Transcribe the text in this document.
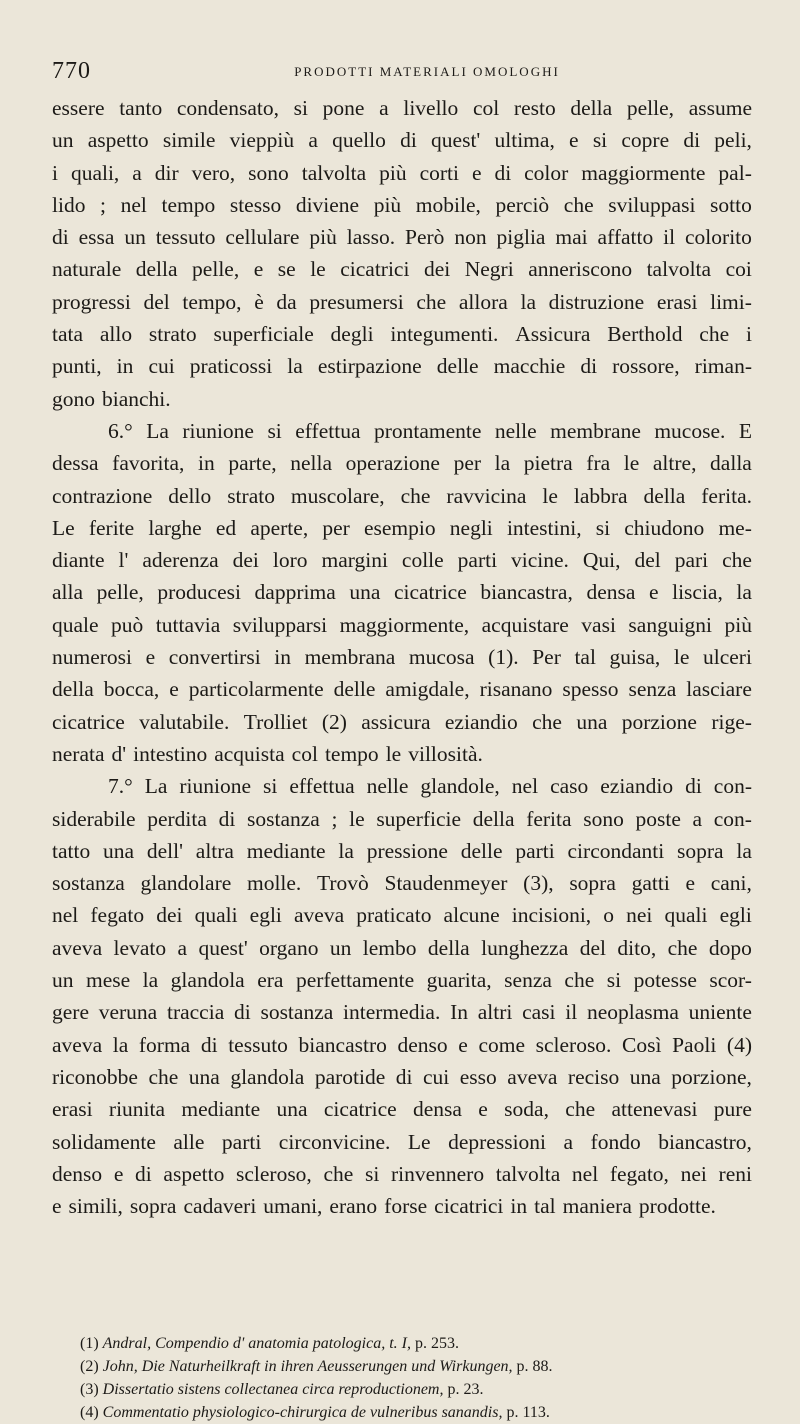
770	PRODOTTI MATERIALI OMOLOGHI
essere tanto condensato, si pone a livello col resto della pelle, assume
un aspetto simile vieppiù a quello di quest' ultima, e si copre di peli,
i quali, a dir vero, sono talvolta più corti e di color maggiormente pal-
lido ; nel tempo stesso diviene più mobile, perciò che sviluppasi sotto
di essa un tessuto cellulare più lasso. Però non piglia mai affatto il colorito
naturale della pelle, e se le cicatrici dei Negri anneriscono talvolta coi
progressi del tempo, è da presumersi che allora la distruzione erasi limi-
tata allo strato superficiale degli integumenti. Assicura Berthold che i
punti, in cui praticossi la estirpazione delle macchie di rossore, riman-
gono bianchi.
6.° La riunione si effettua prontamente nelle membrane mucose. E
dessa favorita, in parte, nella operazione per la pietra fra le altre, dalla
contrazione dello strato muscolare, che ravvicina le labbra della ferita.
Le ferite larghe ed aperte, per esempio negli intestini, si chiudono me-
diante l' aderenza dei loro margini colle parti vicine. Qui, del pari che
alla pelle, producesi dapprima una cicatrice biancastra, densa e liscia, la
quale può tuttavia svilupparsi maggiormente, acquistare vasi sanguigni più
numerosi e convertirsi in membrana mucosa (1). Per tal guisa, le ulceri
della bocca, e particolarmente delle amigdale, risanano spesso senza lasciare
cicatrice valutabile. Trolliet (2) assicura eziandio che una porzione rige-
nerata d' intestino acquista col tempo le villosità.
7.° La riunione si effettua nelle glandole, nel caso eziandio di con-
siderabile perdita di sostanza ; le superficie della ferita sono poste a con-
tatto una dell' altra mediante la pressione delle parti circondanti sopra la
sostanza glandolare molle. Trovò Staudenmeyer (3), sopra gatti e cani,
nel fegato dei quali egli aveva praticato alcune incisioni, o nei quali egli
aveva levato a quest' organo un lembo della lunghezza del dito, che dopo
un mese la glandola era perfettamente guarita, senza che si potesse scor-
gere veruna traccia di sostanza intermedia. In altri casi il neoplasma uniente
aveva la forma di tessuto biancastro denso e come scleroso. Così Paoli (4)
riconobbe che una glandola parotide di cui esso aveva reciso una porzione,
erasi riunita mediante una cicatrice densa e soda, che attenevasi pure
solidamente alle parti circonvicine. Le depressioni a fondo biancastro,
denso e di aspetto scleroso, che si rinvennero talvolta nel fegato, nei reni
e simili, sopra cadaveri umani, erano forse cicatrici in tal maniera prodotte.
(1) Andral, Compendio d' anatomia patologica, t. I, p. 253.
(2) John, Die Naturheilkraft in ihren Aeusserungen und Wirkungen, p. 88.
(3) Dissertatio sistens collectanea circa reproductionem, p. 23.
(4) Commentatio physiologico-chirurgica de vulneribus sanandis, p. 113.
